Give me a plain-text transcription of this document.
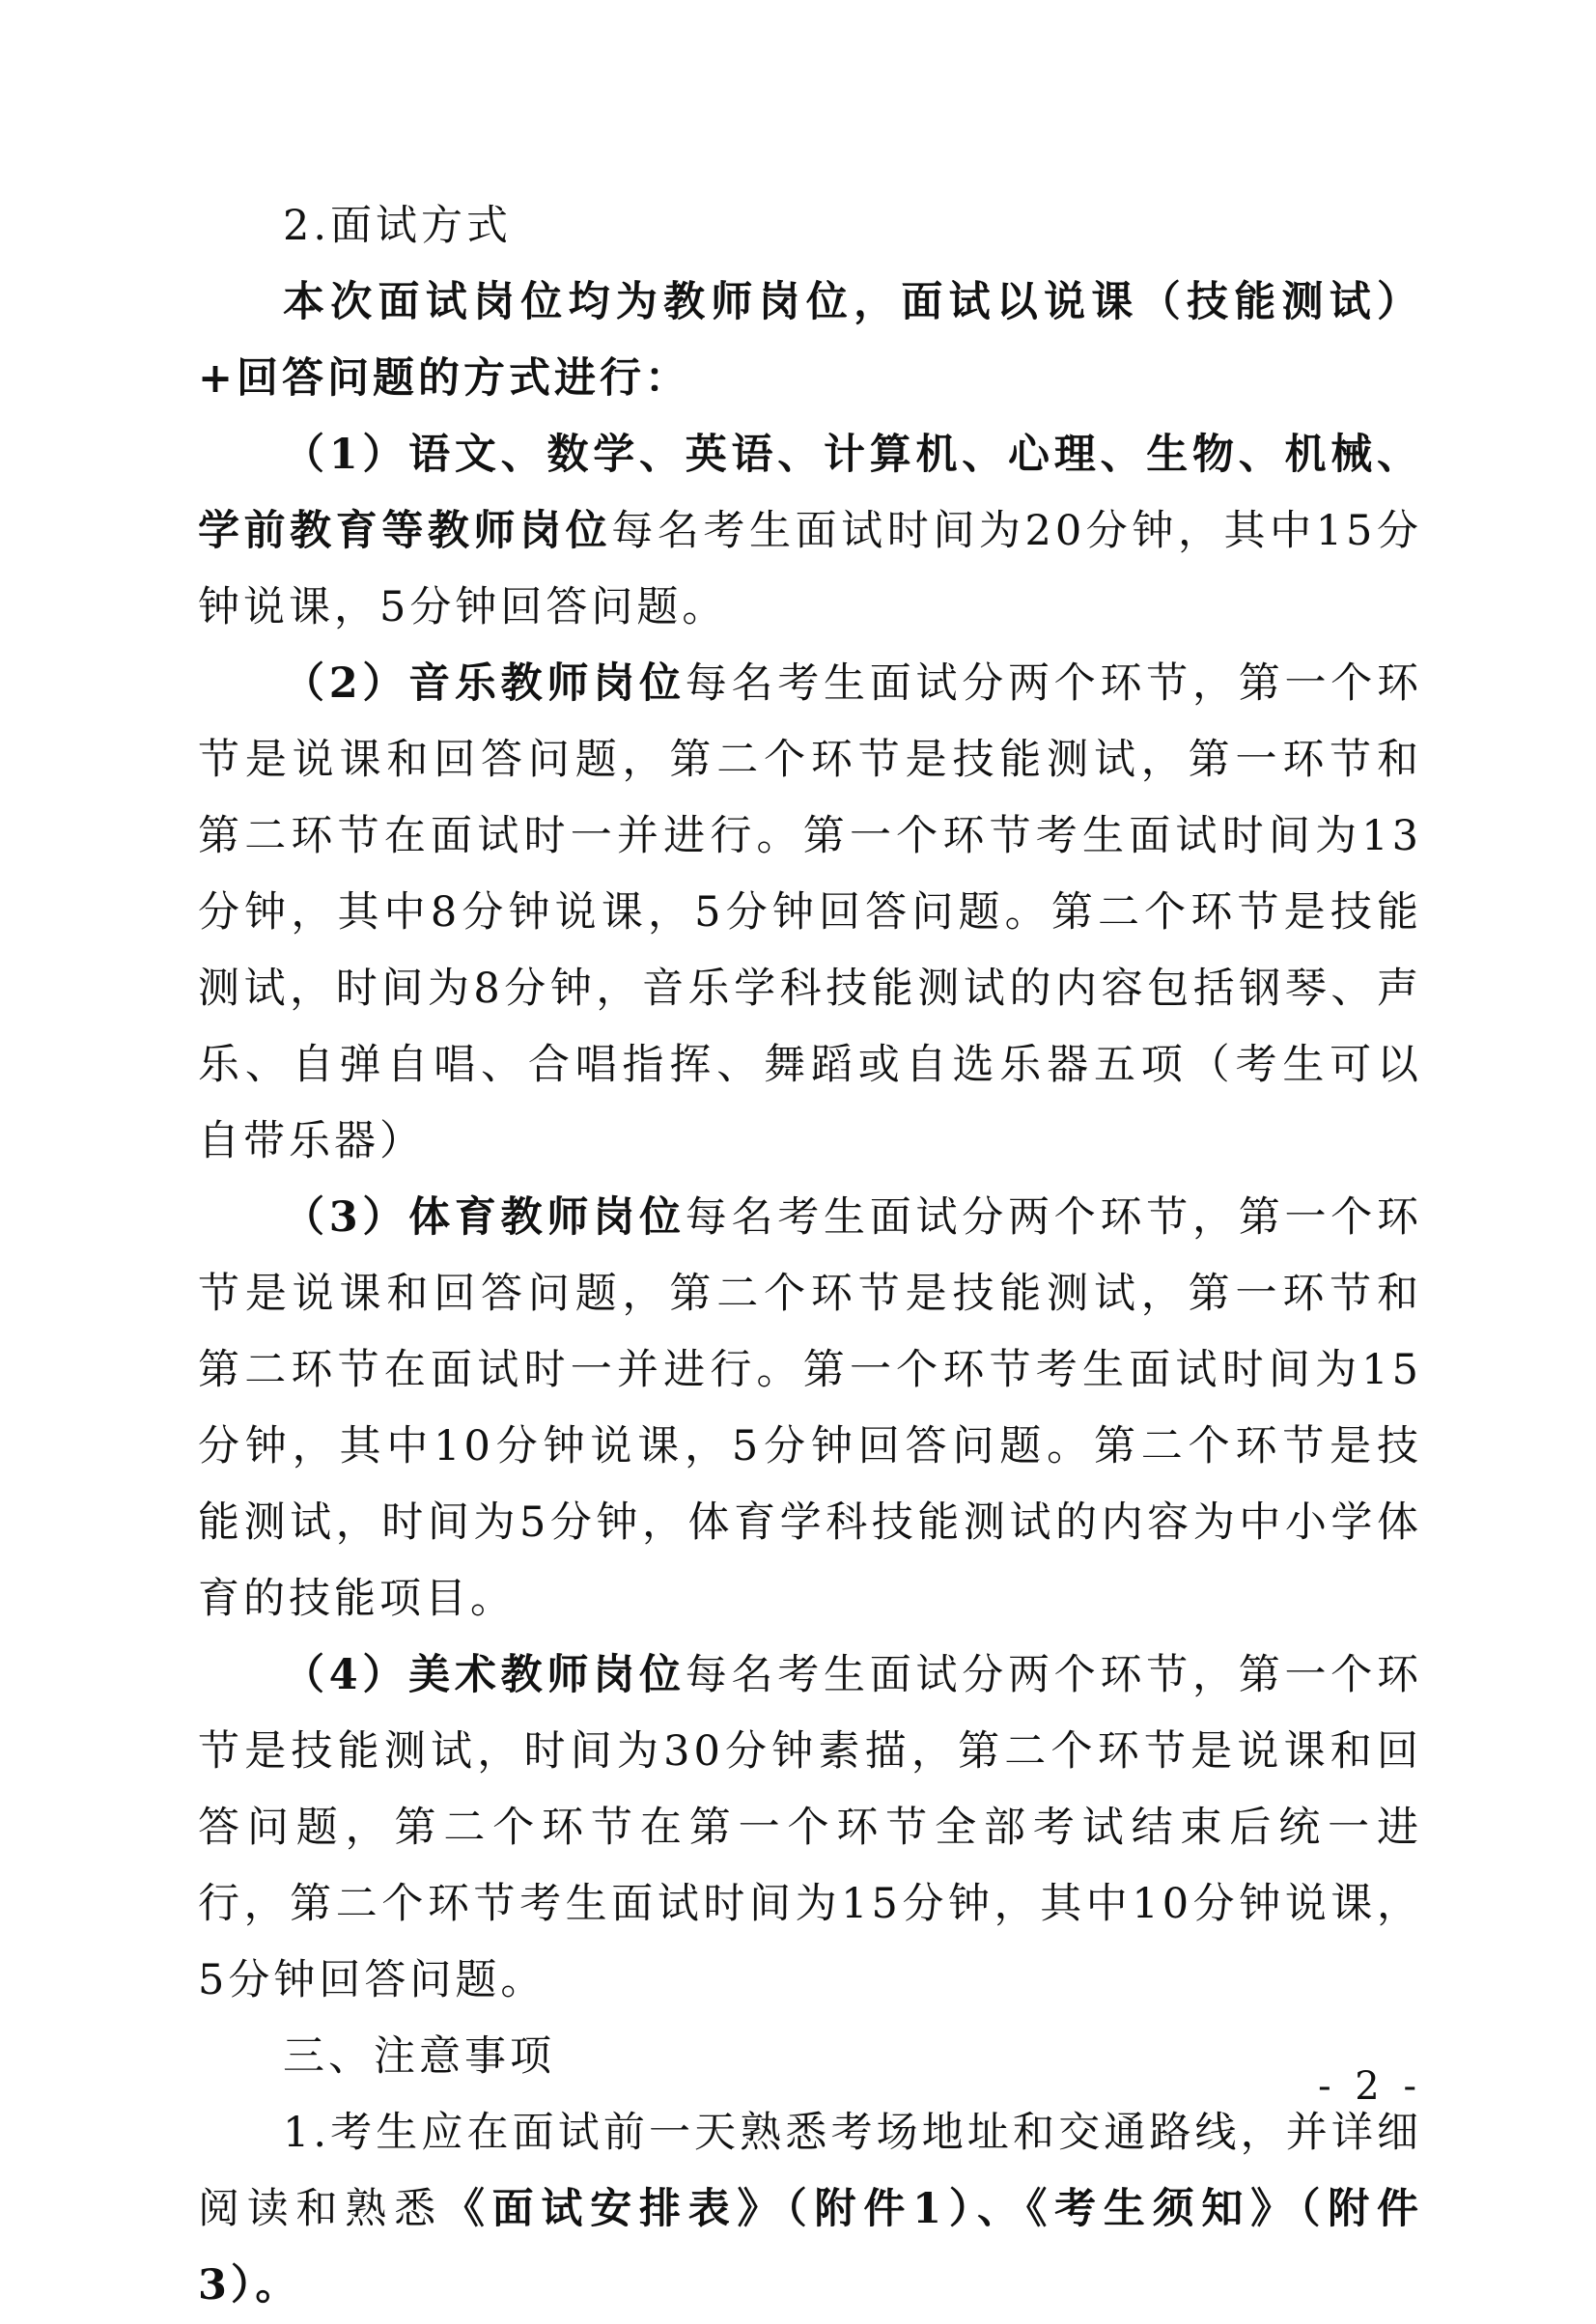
2.面试方式

本次面试岗位均为教师岗位，面试以说课（技能测试）+回答问题的方式进行：

（1）语文、数学、英语、计算机、心理、生物、机械、学前教育等教师岗位每名考生面试时间为20分钟，其中15分钟说课，5分钟回答问题。

（2）音乐教师岗位每名考生面试分两个环节，第一个环节是说课和回答问题，第二个环节是技能测试，第一环节和第二环节在面试时一并进行。第一个环节考生面试时间为13分钟，其中8分钟说课，5分钟回答问题。第二个环节是技能测试，时间为8分钟，音乐学科技能测试的内容包括钢琴、声乐、自弹自唱、合唱指挥、舞蹈或自选乐器五项（考生可以自带乐器）

（3）体育教师岗位每名考生面试分两个环节，第一个环节是说课和回答问题，第二个环节是技能测试，第一环节和第二环节在面试时一并进行。第一个环节考生面试时间为15分钟，其中10分钟说课，5分钟回答问题。第二个环节是技能测试，时间为5分钟，体育学科技能测试的内容为中小学体育的技能项目。

（4）美术教师岗位每名考生面试分两个环节，第一个环节是技能测试，时间为30分钟素描，第二个环节是说课和回答问题，第二个环节在第一个环节全部考试结束后统一进行，第二个环节考生面试时间为15分钟，其中10分钟说课，5分钟回答问题。

三、注意事项

1.考生应在面试前一天熟悉考场地址和交通路线，并详细阅读和熟悉《面试安排表》（附件1）、《考生须知》（附件3）。

- 2 -
